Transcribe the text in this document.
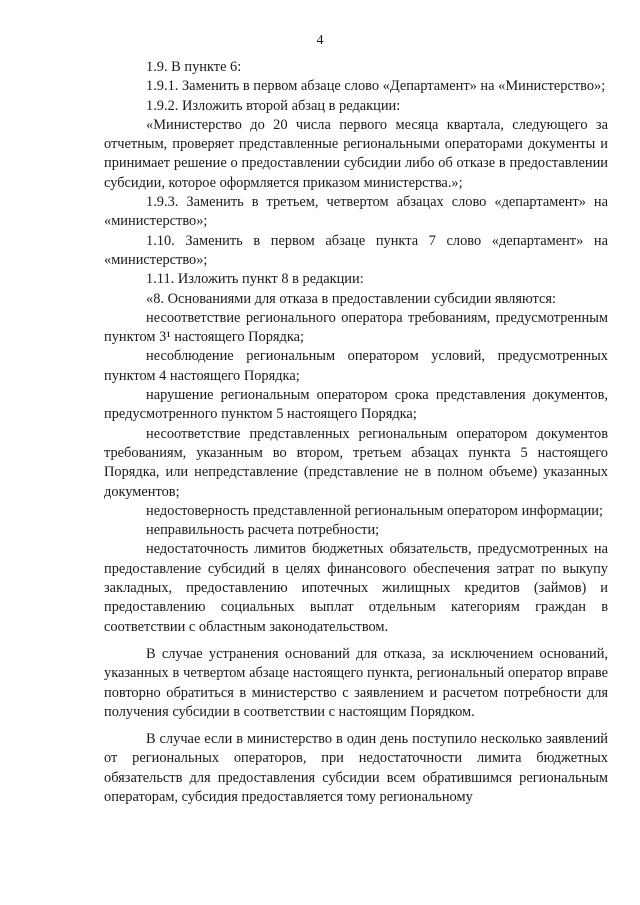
4

1.9. В пункте 6:

1.9.1. Заменить в первом абзаце слово «Департамент» на «Министерство»;

1.9.2. Изложить второй абзац в редакции:

«Министерство до 20 числа первого месяца квартала, следующего за отчетным, проверяет представленные региональными операторами документы и принимает решение о предоставлении субсидии либо об отказе в предоставлении субсидии, которое оформляется приказом министерства.»;

1.9.3. Заменить в третьем, четвертом абзацах слово «департамент» на «министерство»;

1.10. Заменить в первом абзаце пункта 7 слово «департамент» на «министерство»;

1.11. Изложить пункт 8 в редакции:

«8. Основаниями для отказа в предоставлении субсидии являются:

несоответствие регионального оператора требованиям, предусмотренным пунктом 3¹ настоящего Порядка;

несоблюдение региональным оператором условий, предусмотренных пунктом 4 настоящего Порядка;

нарушение региональным оператором срока представления документов, предусмотренного пунктом 5 настоящего Порядка;

несоответствие представленных региональным оператором документов требованиям, указанным во втором, третьем абзацах пункта 5 настоящего Порядка, или непредставление (представление не в полном объеме) указанных документов;

недостоверность представленной региональным оператором информации;

неправильность расчета потребности;

недостаточность лимитов бюджетных обязательств, предусмотренных на предоставление субсидий в целях финансового обеспечения затрат по выкупу закладных, предоставлению ипотечных жилищных кредитов (займов) и предоставлению социальных выплат отдельным категориям граждан в соответствии с областным законодательством.

В случае устранения оснований для отказа, за исключением оснований, указанных в четвертом абзаце настоящего пункта, региональный оператор вправе повторно обратиться в министерство с заявлением и расчетом потребности для получения субсидии в соответствии с настоящим Порядком.

В случае если в министерство в один день поступило несколько заявлений от региональных операторов, при недостаточности лимита бюджетных обязательств для предоставления субсидии всем обратившимся региональным операторам, субсидия предоставляется тому региональному
